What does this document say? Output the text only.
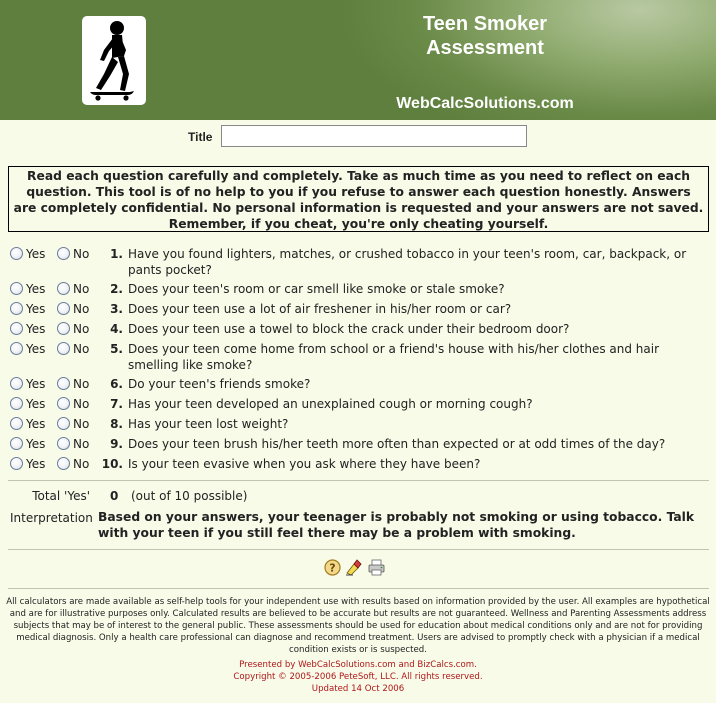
Teen Smoker
Assessment
WebCalcSolutions.com
Title
Read each question carefully and completely. Take as much time as you need to reflect on each question. This tool is of no help to you if you refuse to answer each question honestly. Answers are completely confidential. No personal information is requested and your answers are not saved. Remember, if you cheat, you're only cheating yourself.
Yes No	1. Have you found lighters, matches, or crushed tobacco in your teen's room, car, backpack, or pants pocket?
Yes No	2. Does your teen's room or car smell like smoke or stale smoke?
Yes No	3. Does your teen use a lot of air freshener in his/her room or car?
Yes No	4. Does your teen use a towel to block the crack under their bedroom door?
Yes No	5. Does your teen come home from school or a friend's house with his/her clothes and hair smelling like smoke?
Yes No	6. Do your teen's friends smoke?
Yes No	7. Has your teen developed an unexplained cough or morning cough?
Yes No	8. Has your teen lost weight?
Yes No	9. Does your teen brush his/her teeth more often than expected or at odd times of the day?
Yes No	10. Is your teen evasive when you ask where they have been?
Total 'Yes' 0 (out of 10 possible)
Interpretation Based on your answers, your teenager is probably not smoking or using tobacco. Talk with your teen if you still feel there may be a problem with smoking.
?
All calculators are made available as self-help tools for your independent use with results based on information provided by the user. All examples are hypothetical and are for illustrative purposes only. Calculated results are believed to be accurate but results are not guaranteed. Wellness and Parenting Assessments address subjects that may be of interest to the general public. These assessments should be used for education about medical conditions only and are not for providing medical diagnosis. Only a health care professional can diagnose and recommend treatment. Users are advised to promptly check with a physician if a medical condition exists or is suspected.
Presented by WebCalcSolutions.com and BizCalcs.com.
Copyright © 2005-2006 PeteSoft, LLC. All rights reserved.
Updated 14 Oct 2006
